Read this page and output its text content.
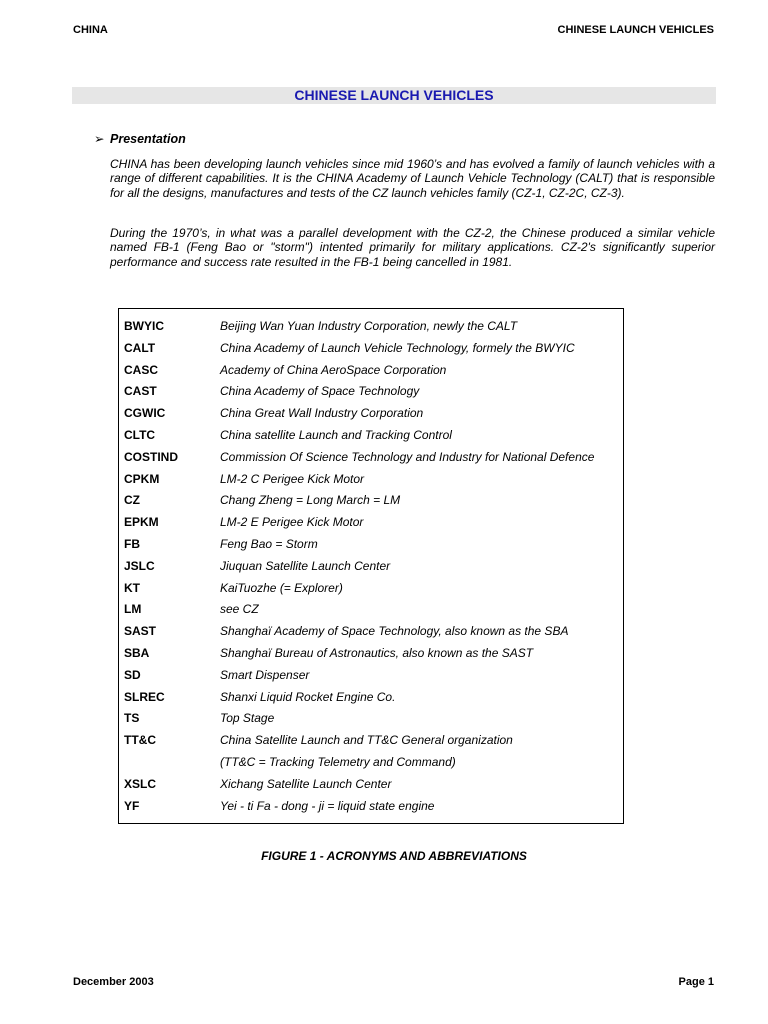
CHINA	CHINESE LAUNCH VEHICLES
CHINESE LAUNCH VEHICLES
➢ Presentation
CHINA has been developing launch vehicles since mid 1960’s and has evolved a family of launch vehicles with a range of different capabilities. It is the CHINA Academy of Launch Vehicle Technology (CALT) that is responsible for all the designs, manufactures and tests of the CZ launch vehicles family (CZ-1, CZ-2C, CZ-3).
During the 1970’s, in what was a parallel development with the CZ-2, the Chinese produced a similar vehicle named FB-1 (Feng Bao or "storm") intented primarily for military applications. CZ-2's significantly superior performance and success rate resulted in the FB-1 being cancelled in 1981.
BWYIC	Beijing Wan Yuan Industry Corporation, newly the CALT
CALT	China Academy of Launch Vehicle Technology, formely the BWYIC
CASC	Academy of China AeroSpace Corporation
CAST	China Academy of Space Technology
CGWIC	China Great Wall Industry Corporation
CLTC	China satellite Launch and Tracking Control
COSTIND	Commission Of Science Technology and Industry for National Defence
CPKM	LM-2 C Perigee Kick Motor
CZ	Chang Zheng = Long March = LM
EPKM	LM-2 E Perigee Kick Motor
FB	Feng Bao = Storm
JSLC	Jiuquan Satellite Launch Center
KT	KaiTuozhe (= Explorer)
LM	see CZ
SAST	Shanghaï Academy of Space Technology, also known as the SBA
SBA	Shanghaï Bureau of Astronautics, also known as the SAST
SD	Smart Dispenser
SLREC	Shanxi Liquid Rocket Engine Co.
TS	Top Stage
TT&C	China Satellite Launch and TT&C General organization
(TT&C = Tracking Telemetry and Command)
XSLC	Xichang Satellite Launch Center
YF	Yei - ti Fa - dong - ji = liquid state engine
FIGURE 1 - ACRONYMS AND ABBREVIATIONS
December 2003	Page 1
